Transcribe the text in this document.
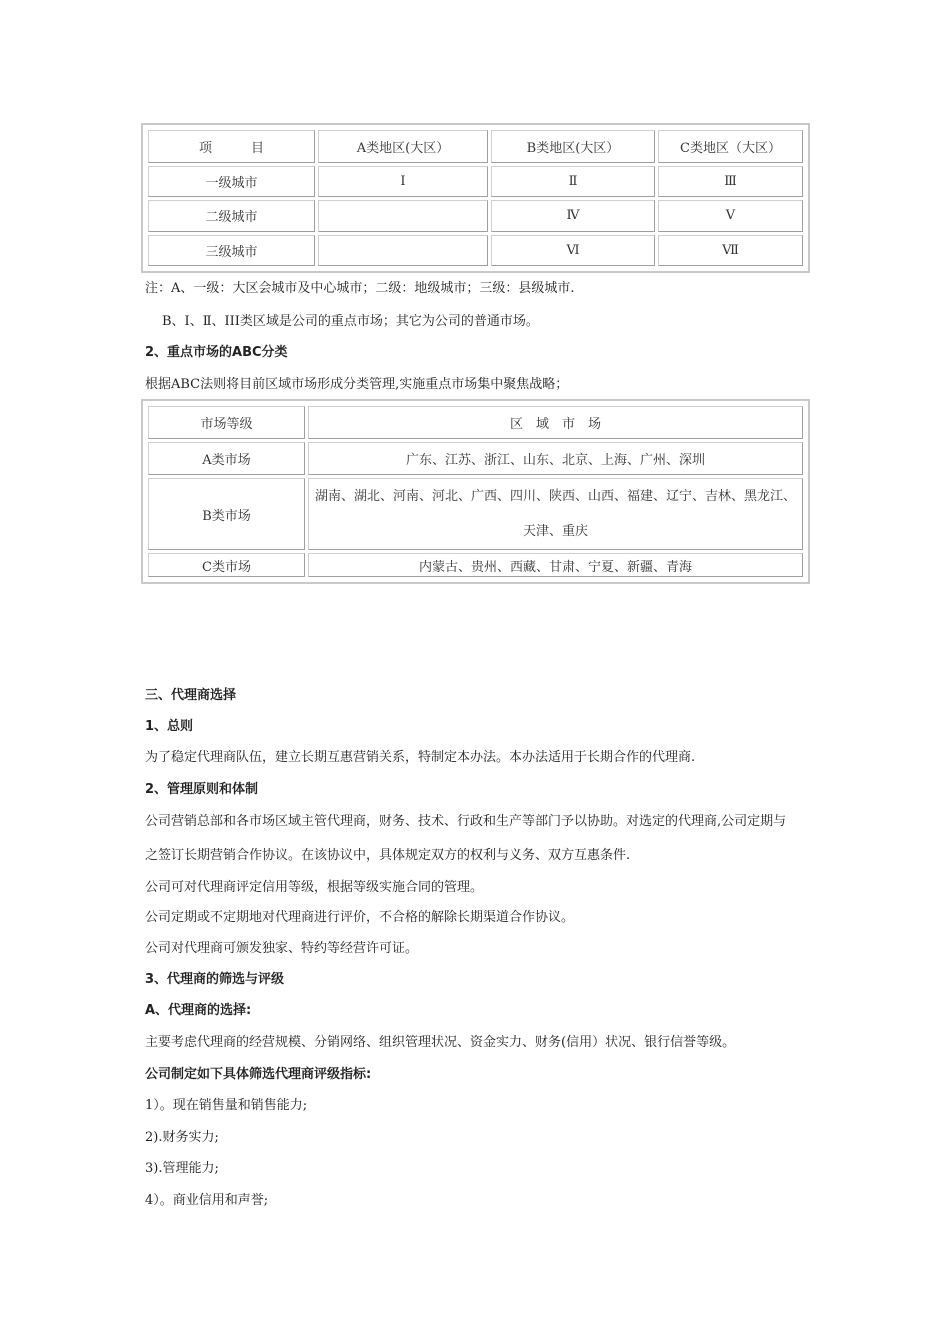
项　　　目	A类地区(大区）	B类地区(大区）	C类地区（大区）
一级城市	Ⅰ	Ⅱ	Ⅲ
二级城市		Ⅳ	Ⅴ
三级城市		Ⅵ	Ⅶ
注：A、一级：大区会城市及中心城市；二级：地级城市；三级：县级城市.
B、Ⅰ、Ⅱ、III类区域是公司的重点市场；其它为公司的普通市场。
2、重点市场的ABC分类
根据ABC法则将目前区域市场形成分类管理,实施重点市场集中聚焦战略；
市场等级	区　域　市　场
A类市场	广东、江苏、浙江、山东、北京、上海、广州、深圳
B类市场	湖南、湖北、河南、河北、广西、四川、陕西、山西、福建、辽宁、吉林、黑龙江、天津、重庆
C类市场	内蒙古、贵州、西藏、甘肃、宁夏、新疆、青海
三、代理商选择
1、总则
为了稳定代理商队伍，建立长期互惠营销关系，特制定本办法。本办法适用于长期合作的代理商.
2、管理原则和体制
公司营销总部和各市场区域主管代理商，财务、技术、行政和生产等部门予以协助。对选定的代理商,公司定期与之签订长期营销合作协议。在该协议中，具体规定双方的权利与义务、双方互惠条件.
公司可对代理商评定信用等级，根据等级实施合同的管理。
公司定期或不定期地对代理商进行评价，不合格的解除长期渠道合作协议。
公司对代理商可颁发独家、特约等经营许可证。
3、代理商的筛选与评级
A、代理商的选择:
主要考虑代理商的经营规模、分销网络、组织管理状况、资金实力、财务(信用）状况、银行信誉等级。
公司制定如下具体筛选代理商评级指标:
1）。现在销售量和销售能力;
2).财务实力;
3).管理能力;
4）。商业信用和声誉;
